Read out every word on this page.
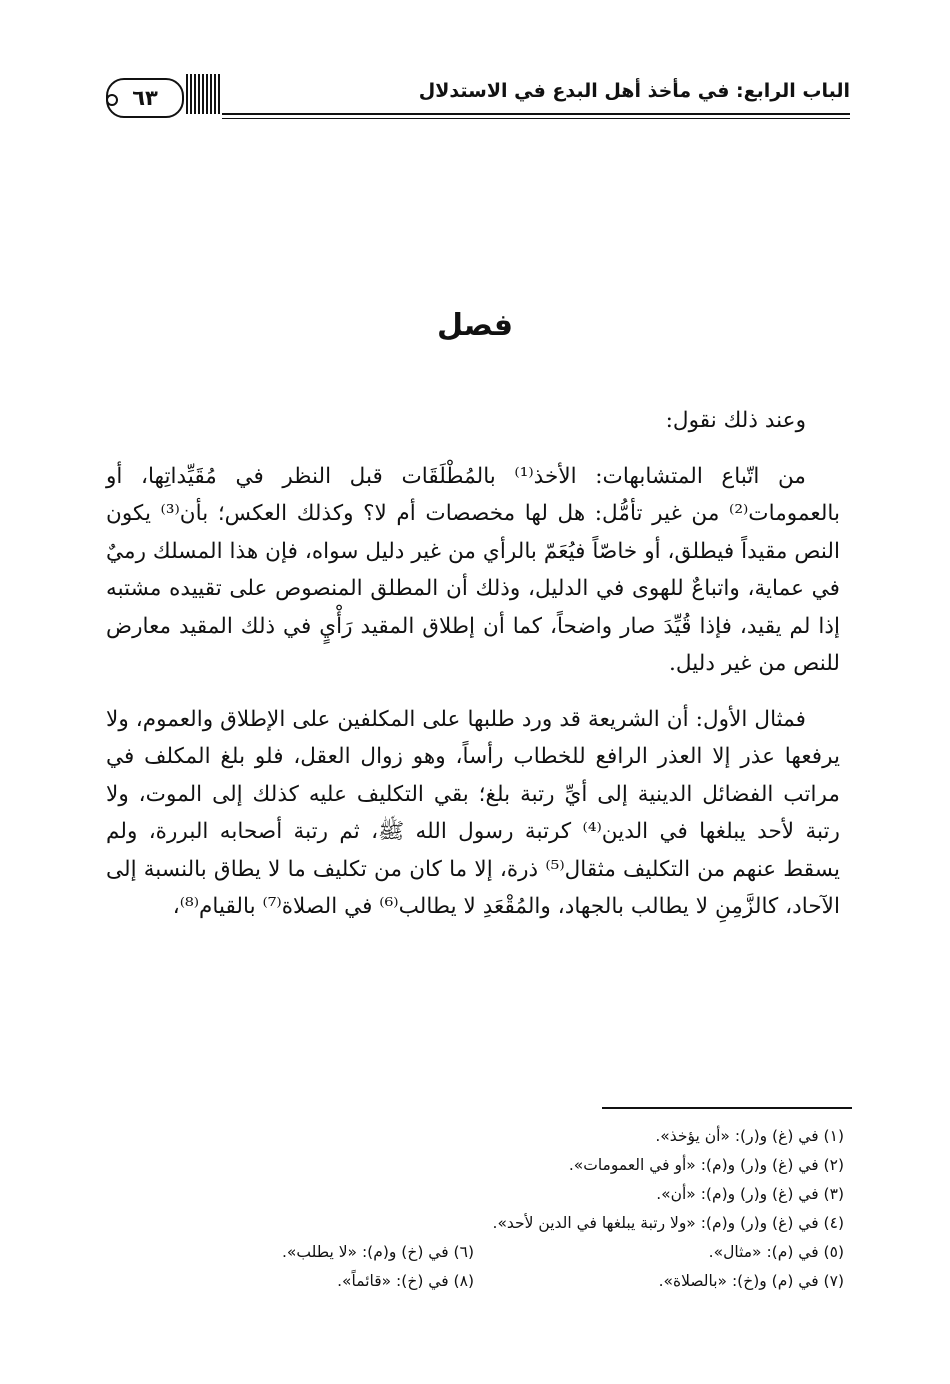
الباب الرابع: في مأخذ أهل البدع في الاستدلال
٦٣
فصل

وعند ذلك نقول:

من اتّباع المتشابهات: الأخذ⁽¹⁾ بالمُطْلَقَات قبل النظر في مُقَيِّداتِها، أو بالعمومات⁽²⁾ من غير تأمُّل: هل لها مخصصات أم لا؟ وكذلك العكس؛ بأن⁽³⁾ يكون النص مقيداً فيطلق، أو خاصّاً فيُعَمّ بالرأي من غير دليل سواه، فإن هذا المسلك رميٌ في عماية، واتباعٌ للهوى في الدليل، وذلك أن المطلق المنصوص على تقييده مشتبه إذا لم يقيد، فإذا قُيِّدَ صار واضحاً، كما أن إطلاق المقيد رَأْيٍ في ذلك المقيد معارض للنص من غير دليل.

فمثال الأول: أن الشريعة قد ورد طلبها على المكلفين على الإطلاق والعموم، ولا يرفعها عذر إلا العذر الرافع للخطاب رأساً، وهو زوال العقل، فلو بلغ المكلف في مراتب الفضائل الدينية إلى أيِّ رتبة بلغ؛ بقي التكليف عليه كذلك إلى الموت، ولا رتبة لأحد يبلغها في الدين⁽⁴⁾ كرتبة رسول الله ﷺ، ثم رتبة أصحابه البررة، ولم يسقط عنهم من التكليف مثقال⁽⁵⁾ ذرة، إلا ما كان من تكليف ما لا يطاق بالنسبة إلى الآحاد، كالزَّمِنِ لا يطالب بالجهاد، والمُقْعَدِ لا يطالب⁽⁶⁾ في الصلاة⁽⁷⁾ بالقيام⁽⁸⁾،

(١) في (غ) و(ر): «أن يؤخذ».
(٢) في (غ) و(ر) و(م): «أو في العمومات».
(٣) في (غ) و(ر) و(م): «أن».
(٤) في (غ) و(ر) و(م): «ولا رتبة يبلغها في الدين لأحد».
(٥) في (م): «مثال».
(٦) في (خ) و(م): «لا يطلب».
(٧) في (م) و(خ): «بالصلاة».
(٨) في (خ): «قائماً».
